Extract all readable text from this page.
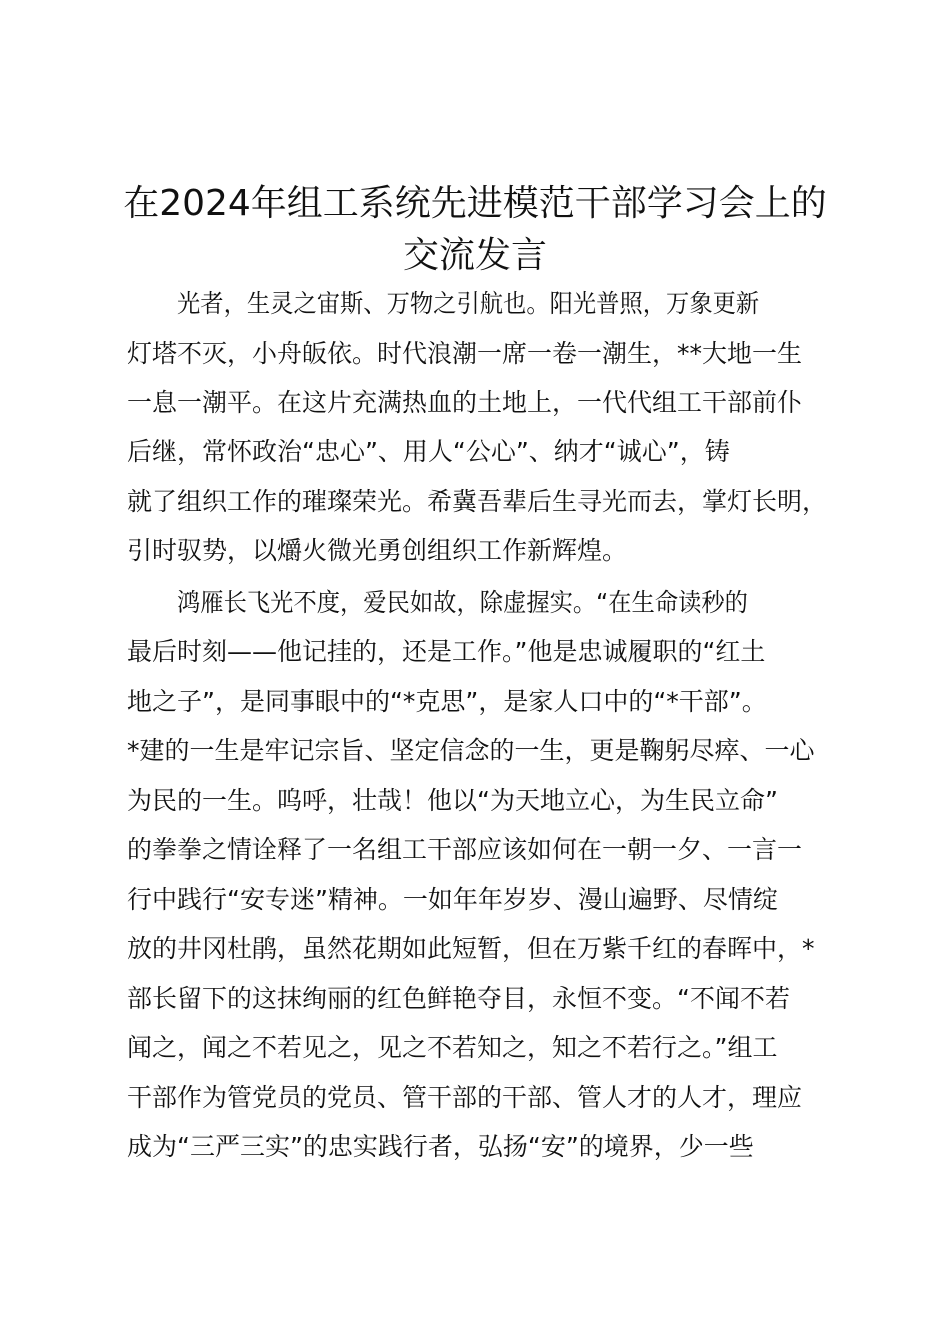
在2024年组工系统先进模范干部学习会上的
交流发言
光者，生灵之宙斯、万物之引航也。阳光普照，万象更新
灯塔不灭，小舟皈依。时代浪潮一席一卷一潮生，**大地一生
一息一潮平。在这片充满热血的土地上，一代代组工干部前仆
后继，常怀政治“忠心”、用人“公心”、纳才“诚心”，铸
就了组织工作的璀璨荣光。希冀吾辈后生寻光而去，掌灯长明，
引时驭势，以爝火微光勇创组织工作新辉煌。
鸿雁长飞光不度，爱民如故，除虚握实。“在生命读秒的
最后时刻——他记挂的，还是工作。”他是忠诚履职的“红土
地之子”，是同事眼中的“*克思”，是家人口中的“*干部”。
*建的一生是牢记宗旨、坚定信念的一生，更是鞠躬尽瘁、一心
为民的一生。呜呼，壮哉！他以“为天地立心，为生民立命”
的拳拳之情诠释了一名组工干部应该如何在一朝一夕、一言一
行中践行“安专迷”精神。一如年年岁岁、漫山遍野、尽情绽
放的井冈杜鹃，虽然花期如此短暂，但在万紫千红的春晖中，*
部长留下的这抹绚丽的红色鲜艳夺目，永恒不变。“不闻不若
闻之，闻之不若见之，见之不若知之，知之不若行之。”组工
干部作为管党员的党员、管干部的干部、管人才的人才，理应
成为“三严三实”的忠实践行者，弘扬“安”的境界，少一些
